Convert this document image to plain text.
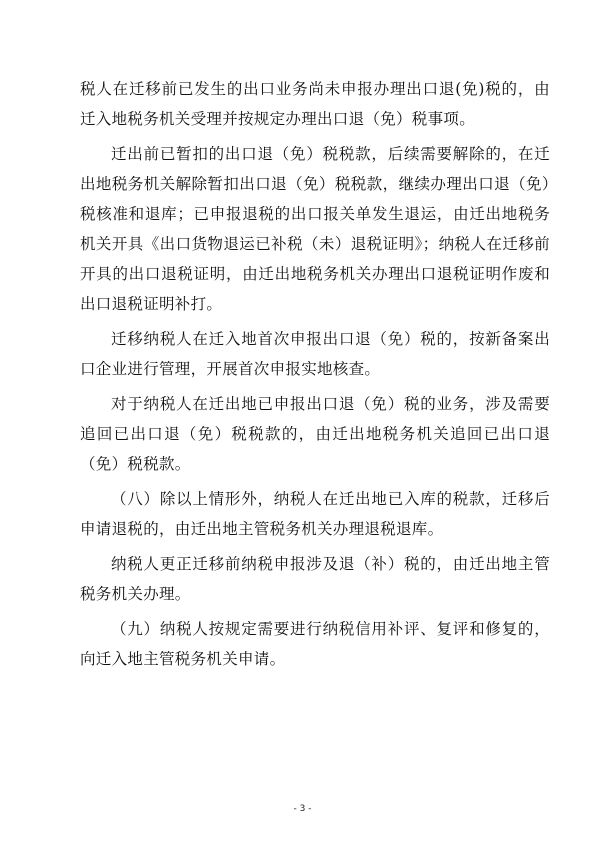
税人在迁移前已发生的出口业务尚未申报办理出口退(免)税的，由迁入地税务机关受理并按规定办理出口退（免）税事项。

迁出前已暂扣的出口退（免）税税款，后续需要解除的，在迁出地税务机关解除暂扣出口退（免）税税款，继续办理出口退（免）税核准和退库；已申报退税的出口报关单发生退运，由迁出地税务机关开具《出口货物退运已补税（未）退税证明》；纳税人在迁移前开具的出口退税证明，由迁出地税务机关办理出口退税证明作废和出口退税证明补打。

迁移纳税人在迁入地首次申报出口退（免）税的，按新备案出口企业进行管理，开展首次申报实地核查。

对于纳税人在迁出地已申报出口退（免）税的业务，涉及需要追回已出口退（免）税税款的，由迁出地税务机关追回已出口退（免）税税款。

（八）除以上情形外，纳税人在迁出地已入库的税款，迁移后申请退税的，由迁出地主管税务机关办理退税退库。

纳税人更正迁移前纳税申报涉及退（补）税的，由迁出地主管税务机关办理。

（九）纳税人按规定需要进行纳税信用补评、复评和修复的，向迁入地主管税务机关申请。

- 3 -
